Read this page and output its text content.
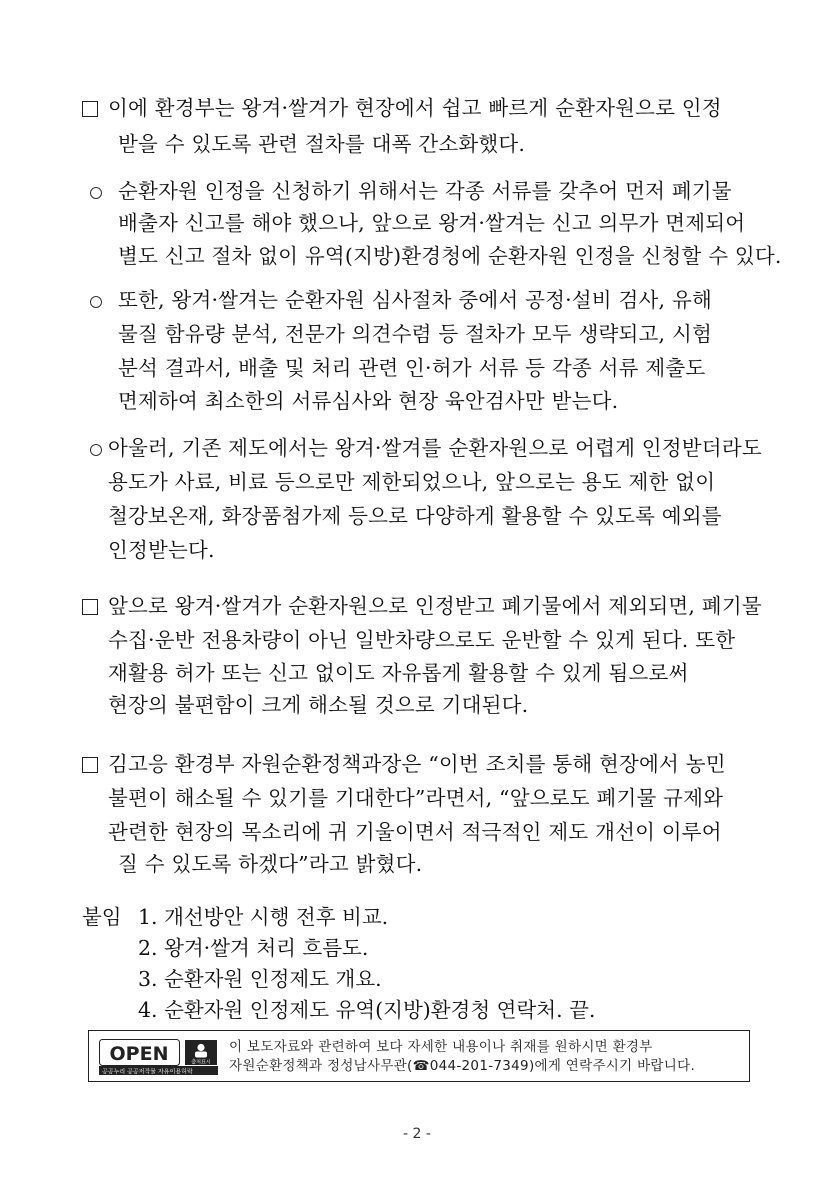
이에 환경부는 왕겨·쌀겨가 현장에서 쉽고 빠르게 순환자원으로 인정
받을 수 있도록 관련 절차를 대폭 간소화했다.
순환자원 인정을 신청하기 위해서는 각종 서류를 갖추어 먼저 폐기물
배출자 신고를 해야 했으나, 앞으로 왕겨·쌀겨는 신고 의무가 면제되어
별도 신고 절차 없이 유역(지방)환경청에 순환자원 인정을 신청할 수 있다.
또한, 왕겨·쌀겨는 순환자원 심사절차 중에서 공정·설비 검사, 유해
물질 함유량 분석, 전문가 의견수렴 등 절차가 모두 생략되고, 시험
분석 결과서, 배출 및 처리 관련 인·허가 서류 등 각종 서류 제출도
면제하여 최소한의 서류심사와 현장 육안검사만 받는다.
아울러, 기존 제도에서는 왕겨·쌀겨를 순환자원으로 어렵게 인정받더라도
용도가 사료, 비료 등으로만 제한되었으나, 앞으로는 용도 제한 없이
철강보온재, 화장품첨가제 등으로 다양하게 활용할 수 있도록 예외를
인정받는다.
앞으로 왕겨·쌀겨가 순환자원으로 인정받고 폐기물에서 제외되면, 폐기물
수집·운반 전용차량이 아닌 일반차량으로도 운반할 수 있게 된다. 또한
재활용 허가 또는 신고 없이도 자유롭게 활용할 수 있게 됨으로써
현장의 불편함이 크게 해소될 것으로 기대된다.
김고응 환경부 자원순환정책과장은 “이번 조치를 통해 현장에서 농민
불편이 해소될 수 있기를 기대한다”라면서, “앞으로도 폐기물 규제와
관련한 현장의 목소리에 귀 기울이면서 적극적인 제도 개선이 이루어
질 수 있도록 하겠다”라고 밝혔다.
붙임 1. 개선방안 시행 전후 비교.
2. 왕겨·쌀겨 처리 흐름도.
3. 순환자원 인정제도 개요.
4. 순환자원 인정제도 유역(지방)환경청 연락처. 끝.
OPEN
공공누리 공공저작물 자유이용허락
출처표시
이 보도자료와 관련하여 보다 자세한 내용이나 취재를 원하시면 환경부
자원순환정책과 정성남사무관(☎044-201-7349)에게 연락주시기 바랍니다.
- 2 -
